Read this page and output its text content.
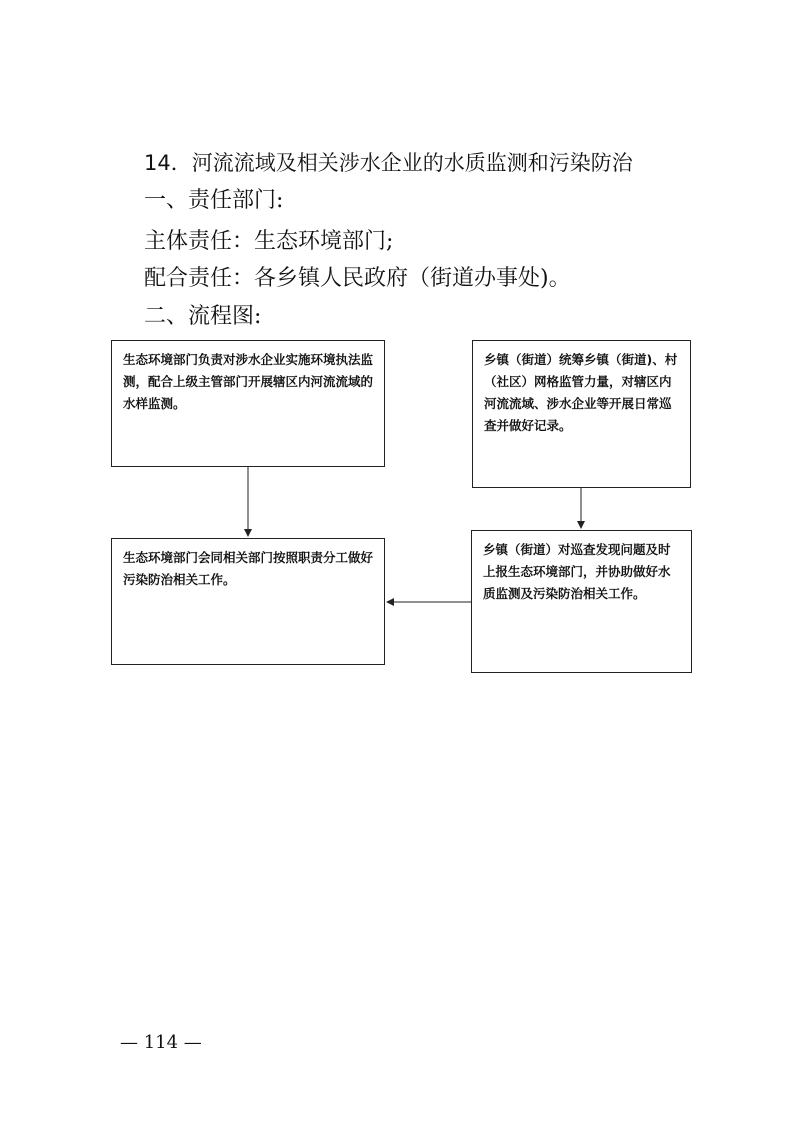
14．河流流域及相关涉水企业的水质监测和污染防治
一、责任部门:
主体责任：生态环境部门;
配合责任：各乡镇人民政府（街道办事处)。
二、流程图:
生态环境部门负责对涉水企业实施环境执法监测，配合上级主管部门开展辖区内河流流域的水样监测。
乡镇（街道）统筹乡镇（街道)、村（社区）网格监管力量，对辖区内河流流域、涉水企业等开展日常巡查并做好记录。
生态环境部门会同相关部门按照职责分工做好污染防治相关工作。
乡镇（街道）对巡查发现问题及时上报生态环境部门，并协助做好水质监测及污染防治相关工作。
— 114 —
